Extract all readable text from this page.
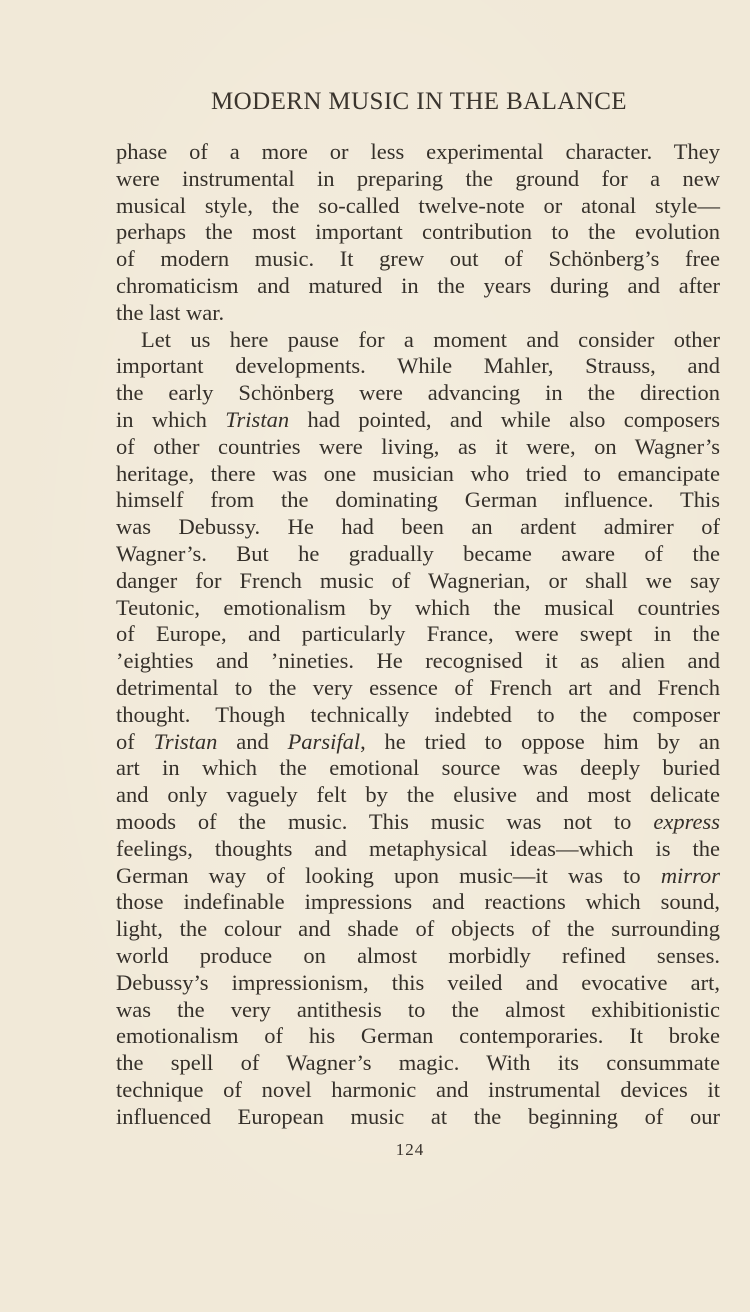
MODERN MUSIC IN THE BALANCE
phase of a more or less experimental character. They
were instrumental in preparing the ground for a new
musical style, the so-called twelve-note or atonal style—
perhaps the most important contribution to the evolution
of modern music. It grew out of Schönberg’s free
chromaticism and matured in the years during and after
the last war.
Let us here pause for a moment and consider other
important developments. While Mahler, Strauss, and
the early Schönberg were advancing in the direction
in which Tristan had pointed, and while also composers
of other countries were living, as it were, on Wagner’s
heritage, there was one musician who tried to emancipate
himself from the dominating German influence. This
was Debussy. He had been an ardent admirer of
Wagner’s. But he gradually became aware of the
danger for French music of Wagnerian, or shall we say
Teutonic, emotionalism by which the musical countries
of Europe, and particularly France, were swept in the
’eighties and ’nineties. He recognised it as alien and
detrimental to the very essence of French art and French
thought. Though technically indebted to the composer
of Tristan and Parsifal, he tried to oppose him by an
art in which the emotional source was deeply buried
and only vaguely felt by the elusive and most delicate
moods of the music. This music was not to express
feelings, thoughts and metaphysical ideas—which is the
German way of looking upon music—it was to mirror
those indefinable impressions and reactions which sound,
light, the colour and shade of objects of the surrounding
world produce on almost morbidly refined senses.
Debussy’s impressionism, this veiled and evocative art,
was the very antithesis to the almost exhibitionistic
emotionalism of his German contemporaries. It broke
the spell of Wagner’s magic. With its consummate
technique of novel harmonic and instrumental devices it
influenced European music at the beginning of our
124
